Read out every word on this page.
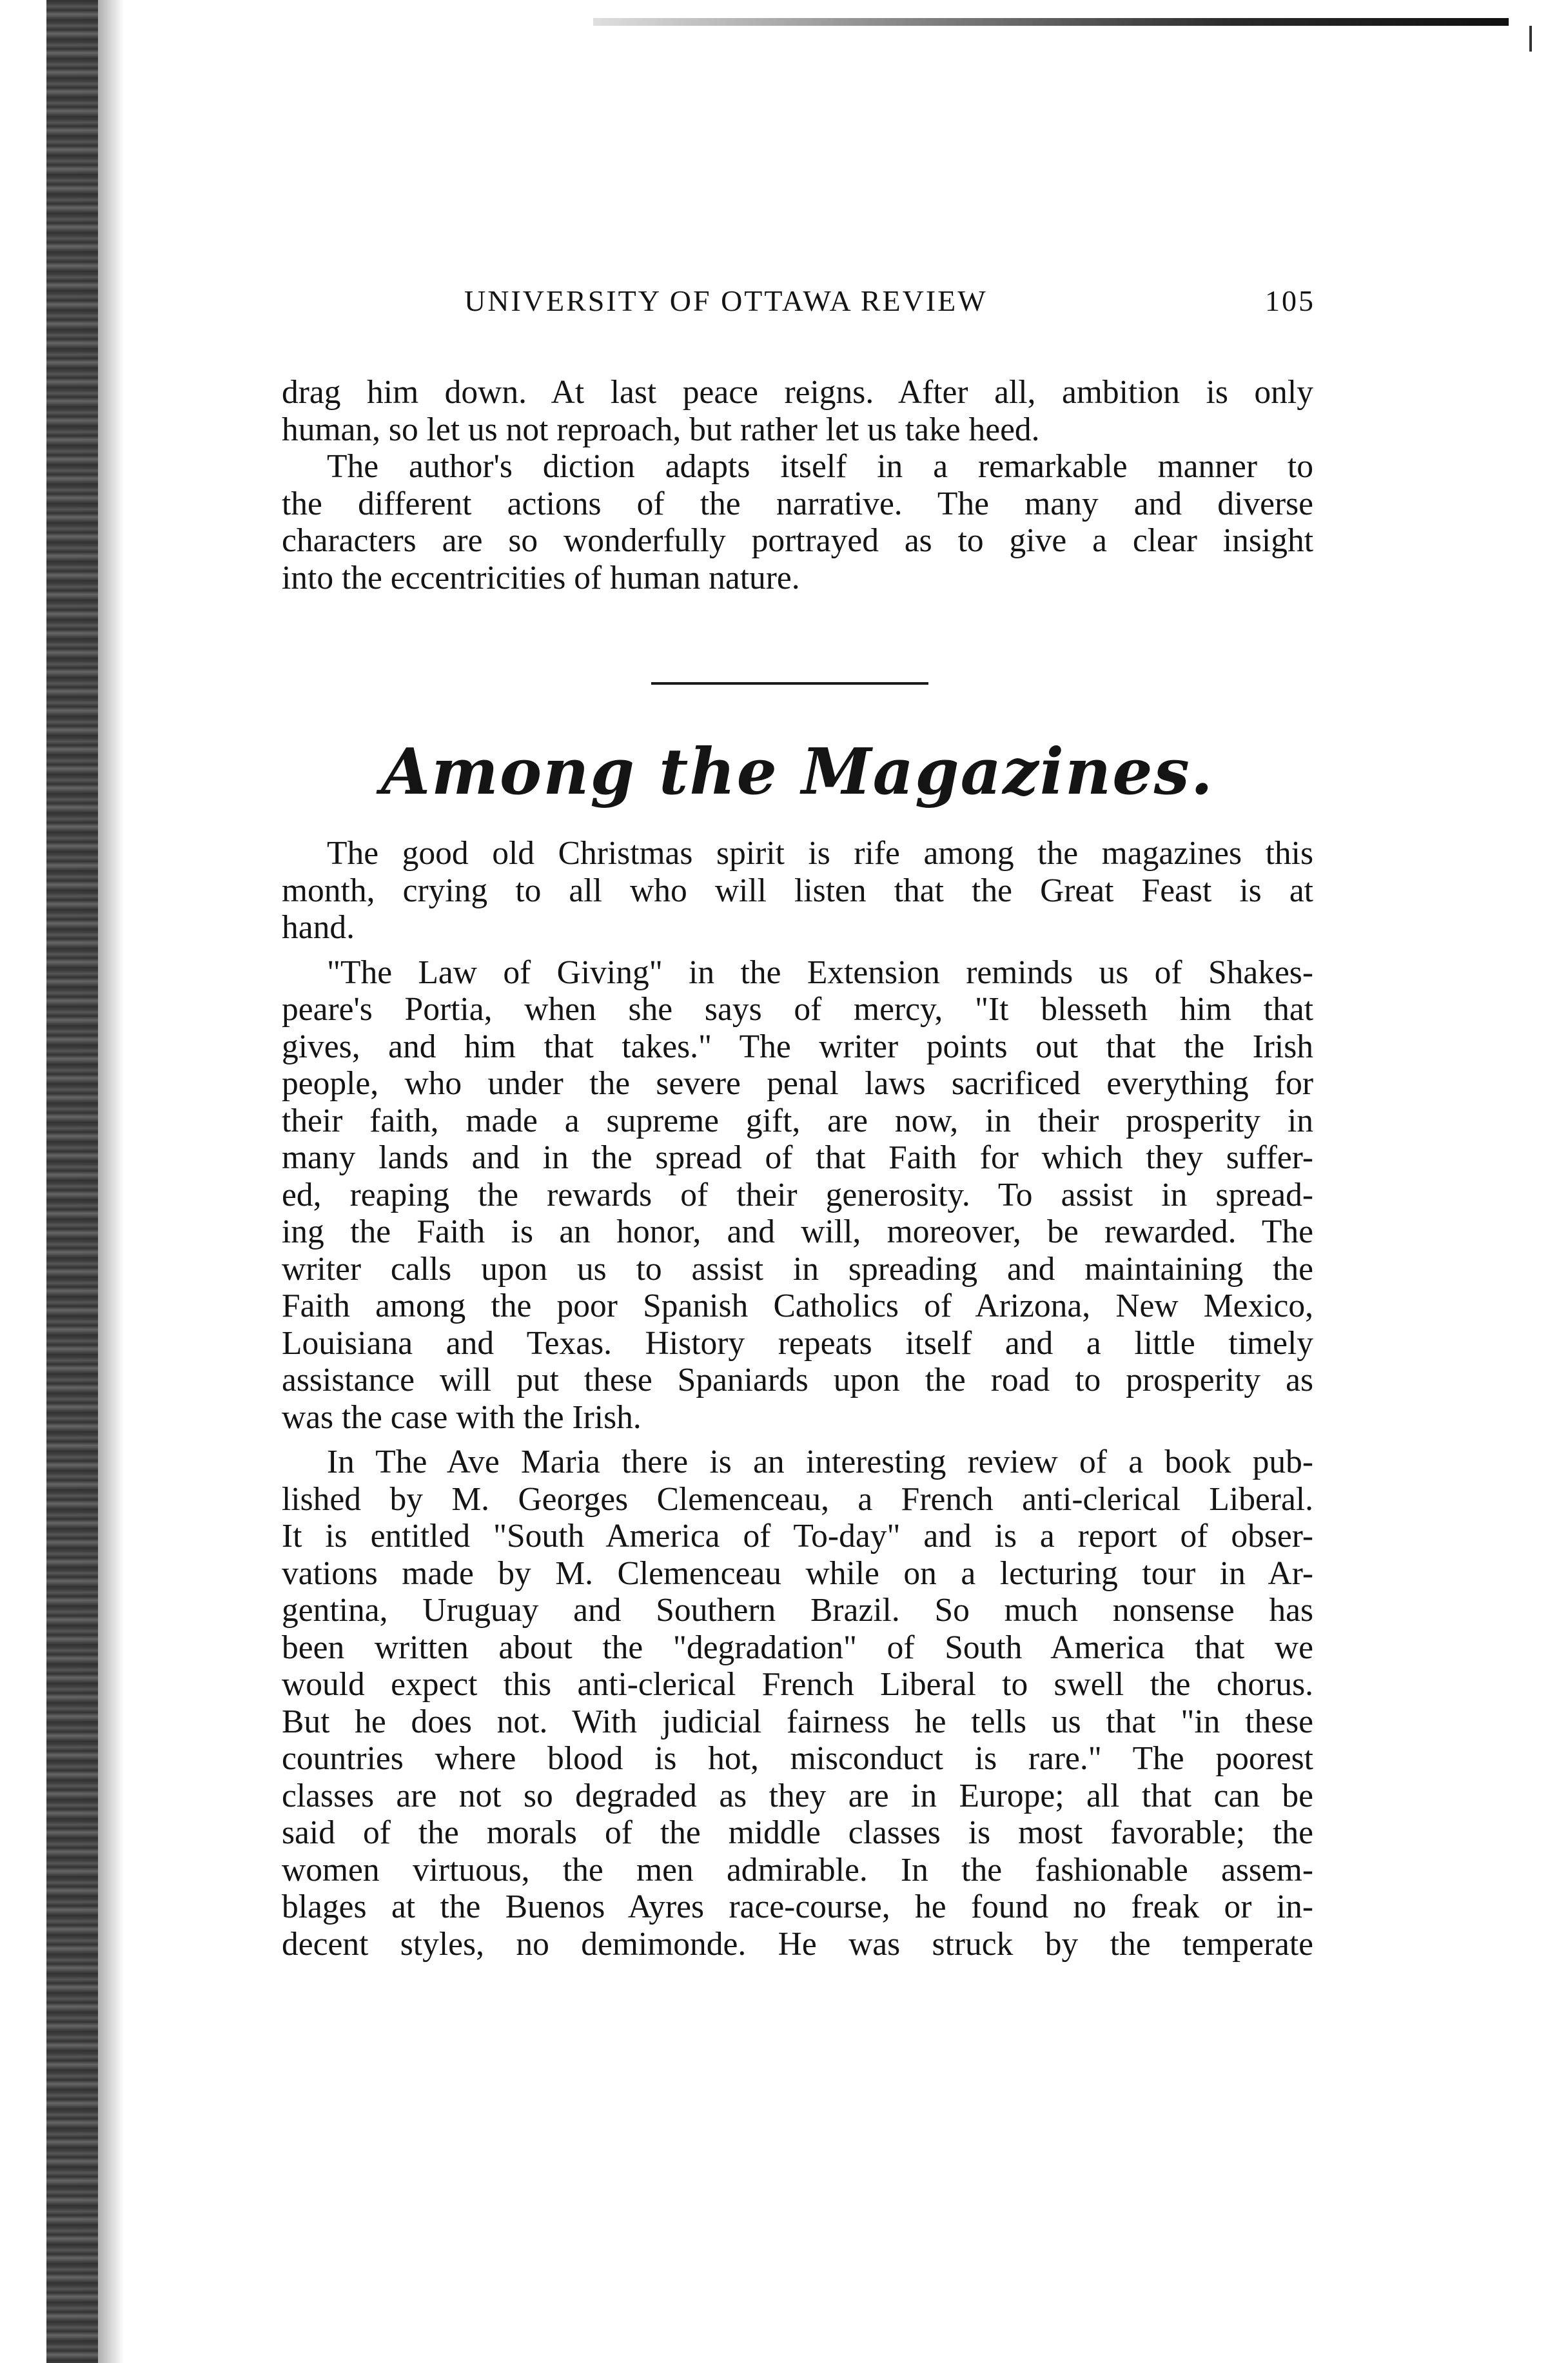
UNIVERSITY OF OTTAWA REVIEW	105
drag him down. At last peace reigns. After all, ambition is only
human, so let us not reproach, but rather let us take heed.
The author's diction adapts itself in a remarkable manner to
the different actions of the narrative. The many and diverse
characters are so wonderfully portrayed as to give a clear insight
into the eccentricities of human nature.
Among the Magazines.
The good old Christmas spirit is rife among the magazines this
month, crying to all who will listen that the Great Feast is at
hand.
"The Law of Giving" in the Extension reminds us of Shakes-
peare's Portia, when she says of mercy, "It blesseth him that
gives, and him that takes." The writer points out that the Irish
people, who under the severe penal laws sacrificed everything for
their faith, made a supreme gift, are now, in their prosperity in
many lands and in the spread of that Faith for which they suffer-
ed, reaping the rewards of their generosity. To assist in spread-
ing the Faith is an honor, and will, moreover, be rewarded. The
writer calls upon us to assist in spreading and maintaining the
Faith among the poor Spanish Catholics of Arizona, New Mexico,
Louisiana and Texas. History repeats itself and a little timely
assistance will put these Spaniards upon the road to prosperity as
was the case with the Irish.
In The Ave Maria there is an interesting review of a book pub-
lished by M. Georges Clemenceau, a French anti-clerical Liberal.
It is entitled "South America of To-day" and is a report of obser-
vations made by M. Clemenceau while on a lecturing tour in Ar-
gentina, Uruguay and Southern Brazil. So much nonsense has
been written about the "degradation" of South America that we
would expect this anti-clerical French Liberal to swell the chorus.
But he does not. With judicial fairness he tells us that "in these
countries where blood is hot, misconduct is rare." The poorest
classes are not so degraded as they are in Europe; all that can be
said of the morals of the middle classes is most favorable; the
women virtuous, the men admirable. In the fashionable assem-
blages at the Buenos Ayres race-course, he found no freak or in-
decent styles, no demimonde. He was struck by the temperate
